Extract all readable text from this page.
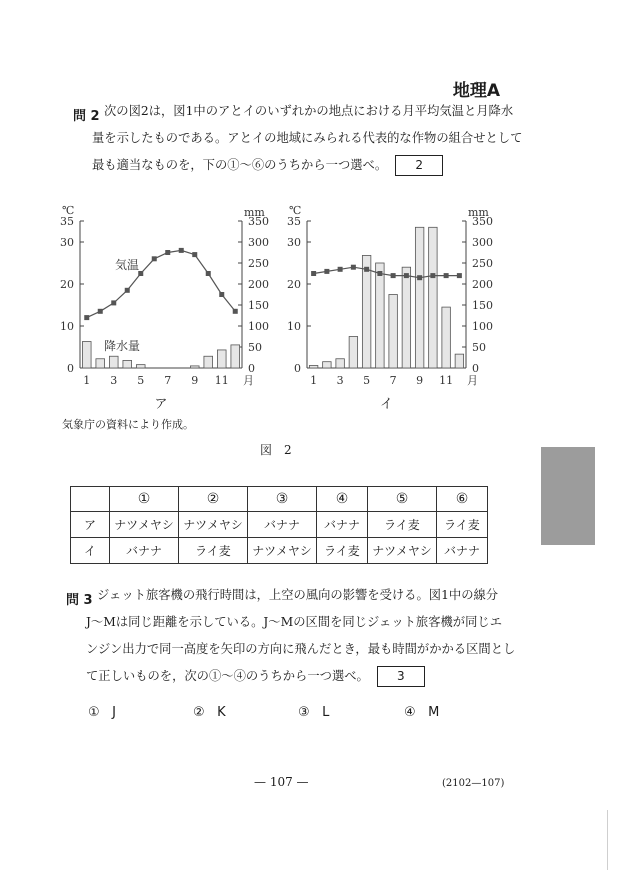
地理A
問 2 次の図2は，図1中のアとイのいずれかの地点における月平均気温と月降水
量を示したものである。アとイの地域にみられる代表的な作物の組合せとして
最も適当なものを，下の①～⑥のうちから一つ選べ。 2
0
10
20
30
35
0
50
100
150
200
250
300
350
℃	mm
1 3 5 7 9 11 月
気温
降水量
ア
0
10
20
30
35
0
50
100
150
200
250
300
350
℃	mm
1 3 5 7 9 11 月
イ
気象庁の資料により作成。
図　2
	①	②	③	④	⑤	⑥
ア	ナツメヤシ	ナツメヤシ	バナナ	バナナ	ライ麦	ライ麦
イ	バナナ	ライ麦	ナツメヤシ	ライ麦	ナツメヤシ	バナナ
問 3 ジェット旅客機の飛行時間は，上空の風向の影響を受ける。図1中の線分
J～Mは同じ距離を示している。J～Mの区間を同じジェット旅客機が同じエ
ンジン出力で同一高度を矢印の方向に飛んだとき，最も時間がかかる区間とし
て正しいものを，次の①～④のうちから一つ選べ。 3
① J	② K	③ L	④ M
— 107 —	(2102—107)
